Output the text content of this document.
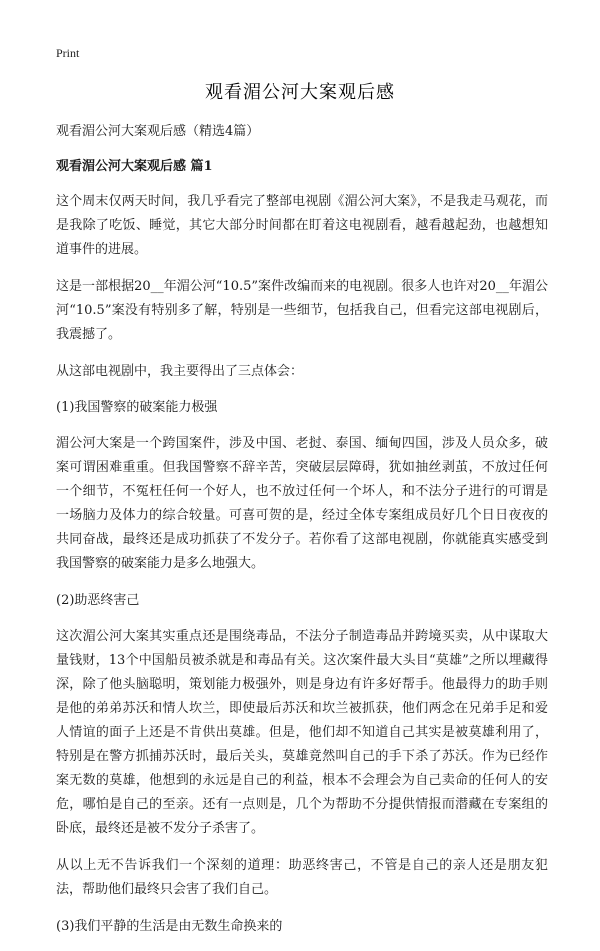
Print
观看湄公河大案观后感

观看湄公河大案观后感（精选4篇）

观看湄公河大案观后感 篇1

这个周末仅两天时间，我几乎看完了整部电视剧《湄公河大案》，不是我走马观花，而是我除了吃饭、睡觉，其它大部分时间都在盯着这电视剧看，越看越起劲，也越想知道事件的进展。

这是一部根据20__年湄公河“10.5”案件改编而来的电视剧。很多人也许对20__年湄公河“10.5”案没有特别多了解，特别是一些细节，包括我自己，但看完这部电视剧后，我震撼了。

从这部电视剧中，我主要得出了三点体会：

(1)我国警察的破案能力极强

湄公河大案是一个跨国案件，涉及中国、老挝、泰国、缅甸四国，涉及人员众多，破案可谓困难重重。但我国警察不辞辛苦，突破层层障碍，犹如抽丝剥茧，不放过任何一个细节，不冤枉任何一个好人，也不放过任何一个坏人，和不法分子进行的可谓是一场脑力及体力的综合较量。可喜可贺的是，经过全体专案组成员好几个日日夜夜的共同奋战，最终还是成功抓获了不发分子。若你看了这部电视剧，你就能真实感受到我国警察的破案能力是多么地强大。

(2)助恶终害己

这次湄公河大案其实重点还是围绕毒品，不法分子制造毒品并跨境买卖，从中谋取大量钱财，13个中国船员被杀就是和毒品有关。这次案件最大头目“莫雄”之所以埋藏得深，除了他头脑聪明，策划能力极强外，则是身边有许多好帮手。他最得力的助手则是他的弟弟苏沃和情人坎兰，即使最后苏沃和坎兰被抓获，他们两念在兄弟手足和爱人情谊的面子上还是不肯供出莫雄。但是，他们却不知道自己其实是被莫雄利用了，特别是在警方抓捕苏沃时，最后关头，莫雄竟然叫自己的手下杀了苏沃。作为已经作案无数的莫雄，他想到的永远是自己的利益，根本不会理会为自己卖命的任何人的安危，哪怕是自己的至亲。还有一点则是，几个为帮助不分提供情报而潜藏在专案组的卧底，最终还是被不发分子杀害了。

从以上无不告诉我们一个深刻的道理：助恶终害己，不管是自己的亲人还是朋友犯法，帮助他们最终只会害了我们自己。

(3)我们平静的生活是由无数生命换来的
